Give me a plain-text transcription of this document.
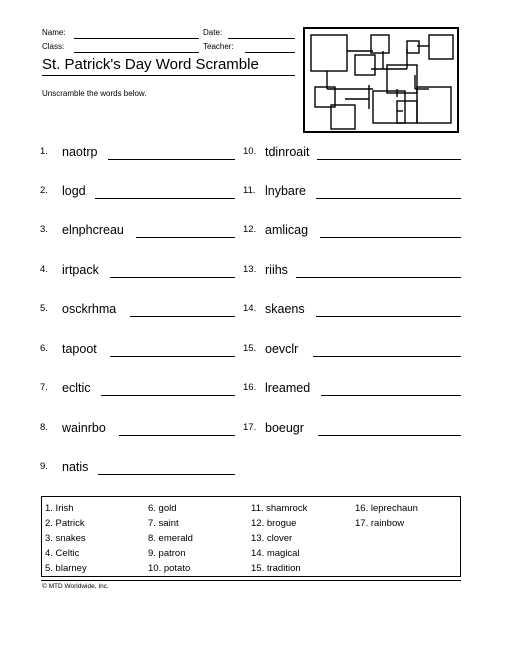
Name:	Date:
Class:	Teacher:
St. Patrick's Day Word Scramble
Unscramble the words below.
1. naotrp
2. logd
3. elnphcreau
4. irtpack
5. osckrhma
6. tapoot
7. ecltic
8. wainrbo
9. natis
10. tdinroait
11. lnybare
12. amlicag
13. riihs
14. skaens
15. oevclr
16. lreamed
17. boeugr
1. Irish
2. Patrick
3. snakes
4. Celtic
5. blarney
6. gold
7. saint
8. emerald
9. patron
10. potato
11. shamrock
12. brogue
13. clover
14. magical
15. tradition
16. leprechaun
17. rainbow
© MTD Worldwide, Inc.
